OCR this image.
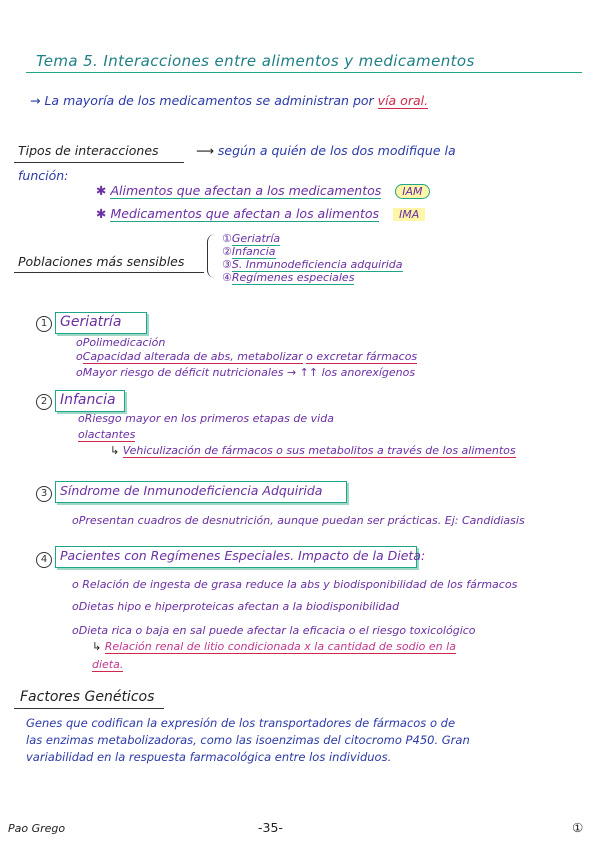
Tema 5. Interacciones entre alimentos y medicamentos
→ La mayoría de los medicamentos se administran por vía oral.
Tipos de interacciones	⟶ según a quién de los dos modifique la
función:
✱ Alimentos que afectan a los medicamentos IAM
✱ Medicamentos que afectan a los alimentos IMA
Poblaciones más sensibles
①Geriatría
②Infancia
③S. Inmunodeficiencia adquirida
④Regímenes especiales
1 Geriatría
oPolimedicación
oCapacidad alterada de abs, metabolizar o excretar fármacos
oMayor riesgo de déficit nutricionales → ↑↑ los anorexígenos
2 Infancia
oRiesgo mayor en los primeros etapas de vida
olactantes
↳ Vehiculización de fármacos o sus metabolitos a través de los alimentos
3	Síndrome de Inmunodeficiencia Adquirida
oPresentan cuadros de desnutrición, aunque puedan ser prácticas. Ej: Candidiasis
4	Pacientes con Regímenes Especiales. Impacto de la Dieta:
o Relación de ingesta de grasa reduce la abs y biodisponibilidad de los fármacos
oDietas hipo e hiperproteicas afectan a la biodisponibilidad
oDieta rica o baja en sal puede afectar la eficacia o el riesgo toxicológico
↳ Relación renal de litio condicionada x la cantidad de sodio en la
dieta.
Factores Genéticos
Genes que codifican la expresión de los transportadores de fármacos o de
las enzimas metabolizadoras, como las isoenzimas del citocromo P450. Gran
variabilidad en la respuesta farmacológica entre los individuos.
Pao Grego	-35-	①
